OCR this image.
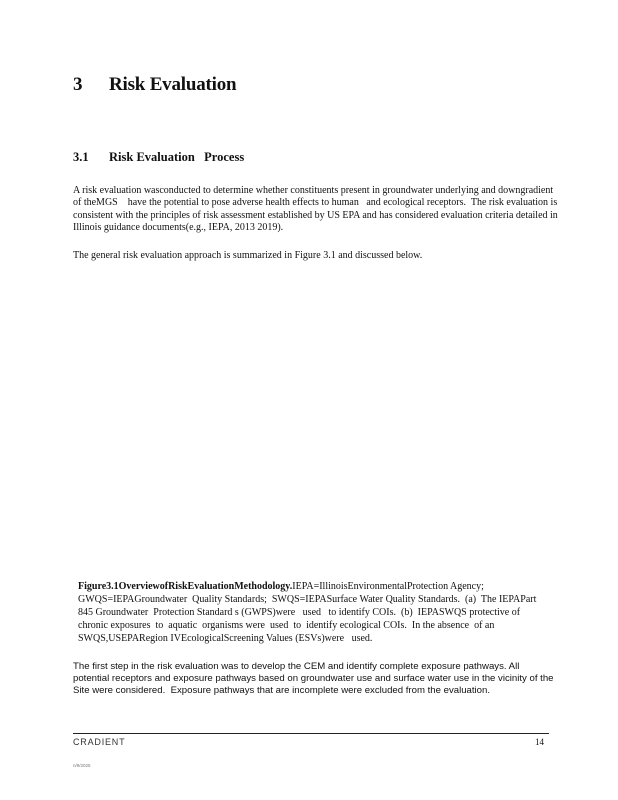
3 Risk Evaluation
3.1 Risk Evaluation   Process

A risk evaluation wasconducted to determine whether constituents present in groundwater underlying and downgradient of theMGS    have the potential to pose adverse health effects to human   and ecological receptors.  The risk evaluation is consistent with the principles of risk assessment established by US EPA and has considered evaluation criteria detailed in Illinois guidance documents(e.g., IEPA, 2013 2019).

The general risk evaluation approach is summarized in Figure 3.1 and discussed below.

Figure3.1OverviewofRiskEvaluationMethodology.IEPA=IllinoisEnvironmentalProtection Agency; GWQS=IEPAGroundwater  Quality Standards;  SWQS=IEPASurface Water Quality Standards.  (a)  The IEPAPart 845 Groundwater  Protection Standard s (GWPS)were   used   to identify COIs.  (b)  IEPASWQS protective of chronic exposures  to  aquatic  organisms were  used  to  identify ecological COIs.  In the absence  of an SWQS,USEPARegion IVEcologicalScreening Values (ESVs)were   used.

The first step in the risk evaluation was to develop the CEM and identify complete exposure pathways. All potential receptors and exposure pathways based on groundwater use and surface water use in the vicinity of the Site were considered.  Exposure pathways that are incomplete were excluded from the evaluation.

CRADIENT	14
n/9/2025
